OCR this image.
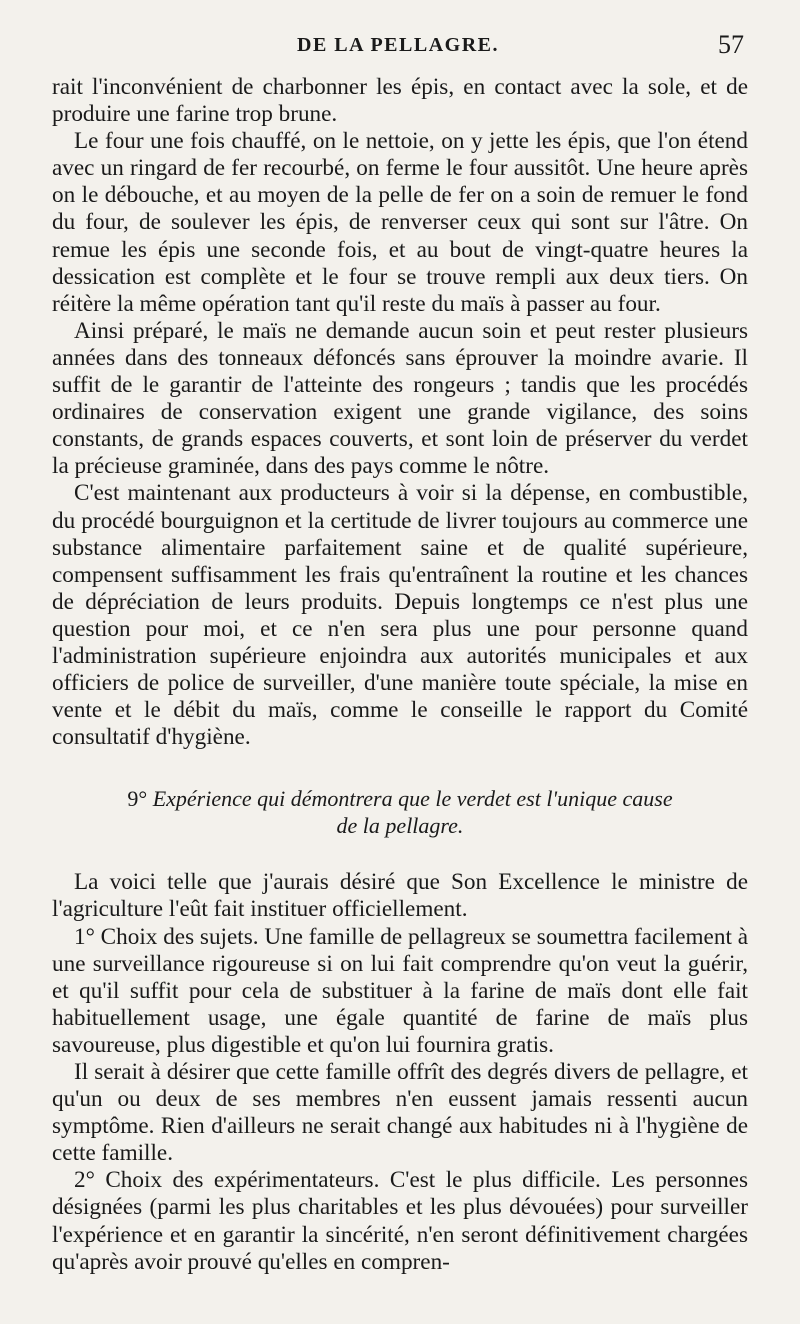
DE LA PELLAGRE.	57

rait l'inconvénient de charbonner les épis, en contact avec la sole, et de produire une farine trop brune.

Le four une fois chauffé, on le nettoie, on y jette les épis, que l'on étend avec un ringard de fer recourbé, on ferme le four aussitôt. Une heure après on le débouche, et au moyen de la pelle de fer on a soin de remuer le fond du four, de soulever les épis, de renverser ceux qui sont sur l'âtre. On remue les épis une seconde fois, et au bout de vingt-quatre heures la dessication est complète et le four se trouve rempli aux deux tiers. On réitère la même opération tant qu'il reste du maïs à passer au four.

Ainsi préparé, le maïs ne demande aucun soin et peut rester plusieurs années dans des tonneaux défoncés sans éprouver la moindre avarie. Il suffit de le garantir de l'atteinte des rongeurs ; tandis que les procédés ordinaires de conservation exigent une grande vigilance, des soins constants, de grands espaces couverts, et sont loin de préserver du verdet la précieuse graminée, dans des pays comme le nôtre.

C'est maintenant aux producteurs à voir si la dépense, en combustible, du procédé bourguignon et la certitude de livrer toujours au commerce une substance alimentaire parfaitement saine et de qualité supérieure, compensent suffisamment les frais qu'entraînent la routine et les chances de dépréciation de leurs produits. Depuis longtemps ce n'est plus une question pour moi, et ce n'en sera plus une pour personne quand l'administration supérieure enjoindra aux autorités municipales et aux officiers de police de surveiller, d'une manière toute spéciale, la mise en vente et le débit du maïs, comme le conseille le rapport du Comité consultatif d'hygiène.

9° Expérience qui démontrera que le verdet est l'unique cause
de la pellagre.

La voici telle que j'aurais désiré que Son Excellence le ministre de l'agriculture l'eût fait instituer officiellement.

1° Choix des sujets. Une famille de pellagreux se soumettra facilement à une surveillance rigoureuse si on lui fait comprendre qu'on veut la guérir, et qu'il suffit pour cela de substituer à la farine de maïs dont elle fait habituellement usage, une égale quantité de farine de maïs plus savoureuse, plus digestible et qu'on lui fournira gratis.

Il serait à désirer que cette famille offrît des degrés divers de pellagre, et qu'un ou deux de ses membres n'en eussent jamais ressenti aucun symptôme. Rien d'ailleurs ne serait changé aux habitudes ni à l'hygiène de cette famille.

2° Choix des expérimentateurs. C'est le plus difficile. Les personnes désignées (parmi les plus charitables et les plus dévouées) pour surveiller l'expérience et en garantir la sincérité, n'en seront définitivement chargées qu'après avoir prouvé qu'elles en compren-
